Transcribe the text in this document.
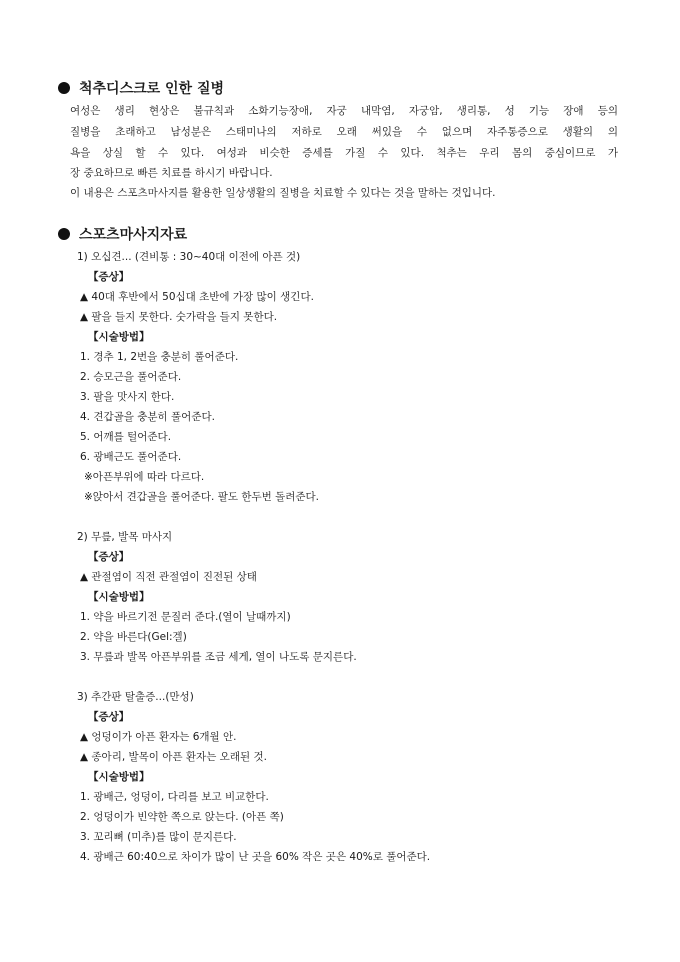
척추디스크로 인한 질병
여성은 생리 현상은 불규칙과 소화기능장애, 자궁 내막염, 자궁암, 생리통, 성 기능 장애 등의
질병을 초래하고 남성분은 스태미나의 저하로 오래 써있을 수 없으며 자주통증으로 생활의 의
욕을 상실 할 수 있다. 여성과 비슷한 증세를 가질 수 있다. 척추는 우리 몸의 중심이므로 가
장 중요하므로 빠른 치료를 하시기 바랍니다.
이 내용은 스포츠마사지를 활용한 일상생활의 질병을 치료할 수 있다는 것을 말하는 것입니다.
스포츠마사지자료
1) 오십견... (견비통 : 30~40대 이전에 아픈 것)
【증상】
▲ 40대 후반에서 50십대 초반에 가장 많이 생긴다.
▲ 팔을 들지 못한다. 숫가락을 들지 못한다.
【시술방법】
1. 경추 1, 2번을 충분히 풀어준다.
2. 승모근을 풀어준다.
3. 팔을 맛사지 한다.
4. 견갑골을 충분히 풀어준다.
5. 어깨를 털어준다.
6. 광배근도 풀어준다.
※아픈부위에 따라 다르다.
※앉아서 견갑골을 풀어준다. 팔도 한두번 돌려준다.
2) 무릎, 발목 마사지
【증상】
▲ 관절염이 직전 관절염이 진전된 상태
【시술방법】
1. 약을 바르기전 문질러 준다.(열이 날때까지)
2. 약을 바른다(Gel:겔)
3. 무릎과 발목 아픈부위를 조금 세게, 열이 나도록 문지른다.
3) 추간판 탈출증...(만성)
【증상】
▲ 엉덩이가 아픈 환자는 6개월 안.
▲ 종아리, 발목이 아픈 환자는 오래된 것.
【시술방법】
1. 광배근, 엉덩이, 다리를 보고 비교한다.
2. 엉덩이가 빈약한 쪽으로 앉는다. (아픈 쪽)
3. 꼬리뼈 (미추)를 많이 문지른다.
4. 광배근 60:40으로 차이가 많이 난 곳을 60% 작은 곳은 40%로 풀어준다.
